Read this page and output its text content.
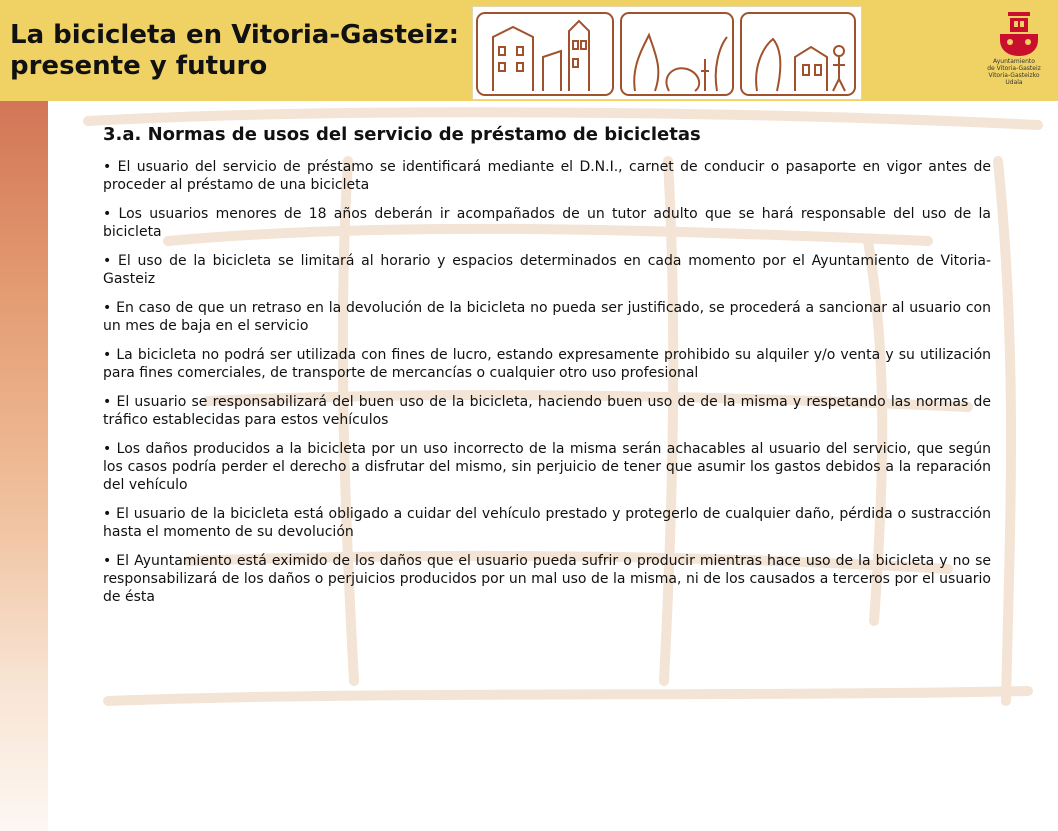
La bicicleta en Vitoria-Gasteiz:
presente y futuro	Ayuntamiento
de Vitoria-Gasteiz
Vitoria-Gasteizko
Udala
3.a. Normas de usos del servicio de préstamo de bicicletas

• El usuario del servicio de préstamo se identificará mediante el D.N.I., carnet de conducir o pasaporte en vigor antes de proceder al préstamo de una bicicleta

• Los usuarios menores de 18 años deberán ir acompañados de un tutor adulto que se hará responsable del uso de la bicicleta

• El uso de la bicicleta se limitará al horario y espacios determinados en cada momento por el Ayuntamiento de Vitoria-Gasteiz

• En caso de que un retraso en la devolución de la bicicleta no pueda ser justificado, se procederá a sancionar al usuario con un mes de baja en el servicio

• La bicicleta no podrá ser utilizada con fines de lucro, estando expresamente prohibido su alquiler y/o venta y su utilización para fines comerciales, de transporte de mercancías o cualquier otro uso profesional

• El usuario se responsabilizará del buen uso de la bicicleta, haciendo buen uso de de la misma y respetando las normas de tráfico establecidas para estos vehículos

• Los daños producidos a la bicicleta por un uso incorrecto de la misma serán achacables al usuario del servicio, que según los casos podría perder el derecho a disfrutar del mismo, sin perjuicio de tener que asumir los gastos debidos a la reparación del vehículo

• El usuario de la bicicleta está obligado a cuidar del vehículo prestado y protegerlo de cualquier daño, pérdida o sustracción hasta el momento de su devolución

• El Ayuntamiento está eximido de los daños que el usuario pueda sufrir o producir mientras hace uso de la bicicleta y no se responsabilizará de los daños o perjuicios producidos por un mal uso de la misma, ni de los causados a terceros por el usuario de ésta
